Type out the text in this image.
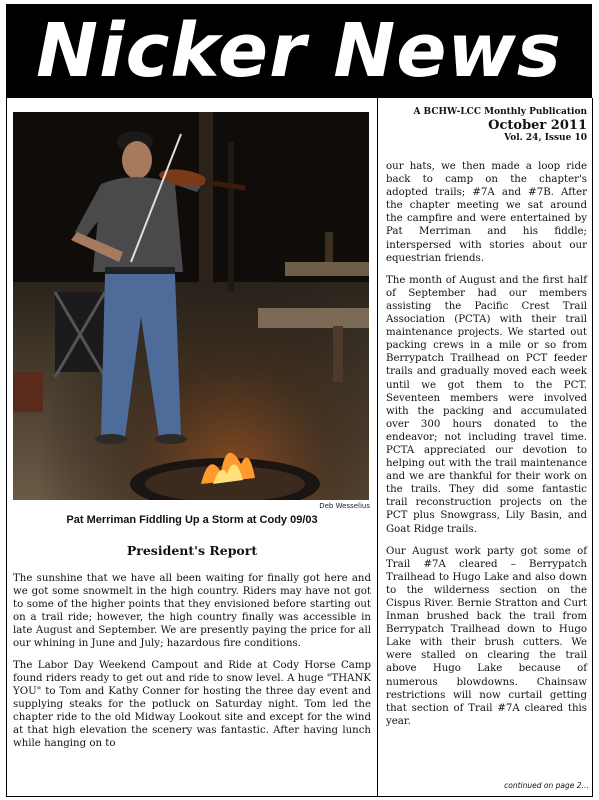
Nicker News
A BCHW-LCC Monthly Publication
October 2011
Vol. 24, Issue 10
Deb Wesselius
Pat Merriman Fiddling Up a Storm at Cody 09/03
President's Report

The sunshine that we have all been waiting for finally got here and we got some snowmelt in the high country. Riders may have not got to some of the higher points that they envisioned before starting out on a trail ride; however, the high country finally was accessible in late August and September. We are presently paying the price for all our whining in June and July; hazardous fire conditions.

The Labor Day Weekend Campout and Ride at Cody Horse Camp found riders ready to get out and ride to snow level. A huge "THANK YOU" to Tom and Kathy Conner for hosting the three day event and supplying steaks for the potluck on Saturday night. Tom led the chapter ride to the old Midway Lookout site and except for the wind at that high elevation the scenery was fantastic. After having lunch while hanging on to

our hats, we then made a loop ride back to camp on the chapter's adopted trails; #7A and #7B. After the chapter meeting we sat around the campfire and were entertained by Pat Merriman and his fiddle; interspersed with stories about our equestrian friends.

The month of August and the first half of September had our members assisting the Pacific Crest Trail Association (PCTA) with their trail maintenance projects. We started out packing crews in a mile or so from Berrypatch Trailhead on PCT feeder trails and gradually moved each week until we got them to the PCT. Seventeen members were involved with the packing and accumulated over 300 hours donated to the endeavor; not including travel time. PCTA appreciated our devotion to helping out with the trail maintenance and we are thankful for their work on the trails. They did some fantastic trail reconstruction projects on the PCT plus Snowgrass, Lily Basin, and Goat Ridge trails.

Our August work party got some of Trail #7A cleared – Berrypatch Trailhead to Hugo Lake and also down to the wilderness section on the Cispus River. Bernie Stratton and Curt Inman brushed back the trail from Berrypatch Trailhead down to Hugo Lake with their brush cutters. We were stalled on clearing the trail above Hugo Lake because of numerous blowdowns. Chainsaw restrictions will now curtail getting that section of Trail #7A cleared this year.

continued on page 2…
